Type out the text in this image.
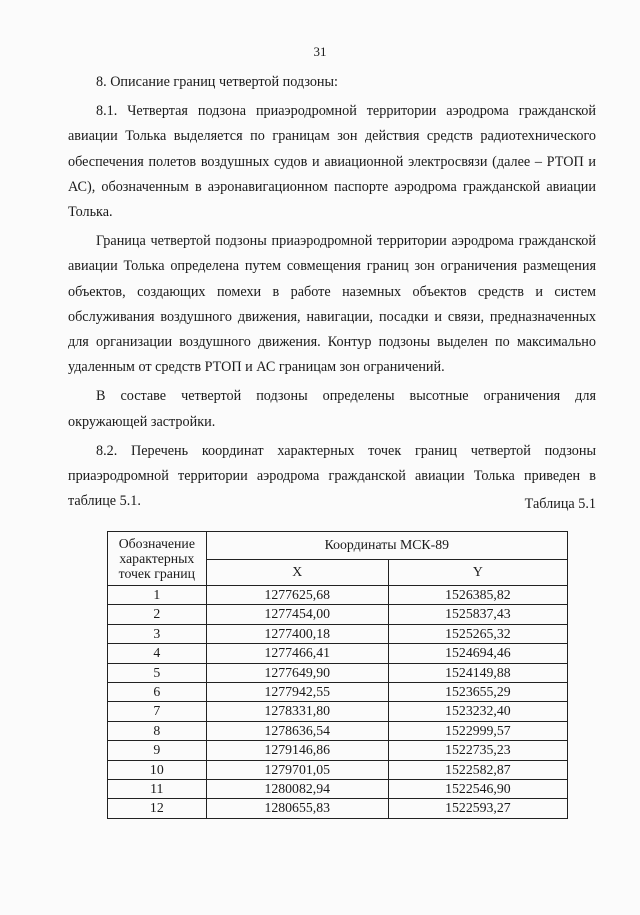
31

8. Описание границ четвертой подзоны:

8.1. Четвертая подзона приаэродромной территории аэродрома гражданской авиации Толька выделяется по границам зон действия средств радиотехнического обеспечения полетов воздушных судов и авиационной электросвязи (далее – РТОП и АС), обозначенным в аэронавигационном паспорте аэродрома гражданской авиации Толька.

Граница четвертой подзоны приаэродромной территории аэродрома гражданской авиации Толька определена путем совмещения границ зон ограничения размещения объектов, создающих помехи в работе наземных объектов средств и систем обслуживания воздушного движения, навигации, посадки и связи, предназначенных для организации воздушного движения. Контур подзоны выделен по максимально удаленным от средств РТОП и АС границам зон ограничений.

В составе четвертой подзоны определены высотные ограничения для окружающей застройки.

8.2. Перечень координат характерных точек границ четвертой подзоны приаэродромной территории аэродрома гражданской авиации Толька приведен в таблице 5.1.	Таблица 5.1
Обозначение характерных точек границ	Координаты МСК-89	
	X	Y
1	1277625,68	1526385,82
2	1277454,00	1525837,43
3	1277400,18	1525265,32
4	1277466,41	1524694,46
5	1277649,90	1524149,88
6	1277942,55	1523655,29
7	1278331,80	1523232,40
8	1278636,54	1522999,57
9	1279146,86	1522735,23
10	1279701,05	1522582,87
11	1280082,94	1522546,90
12	1280655,83	1522593,27
